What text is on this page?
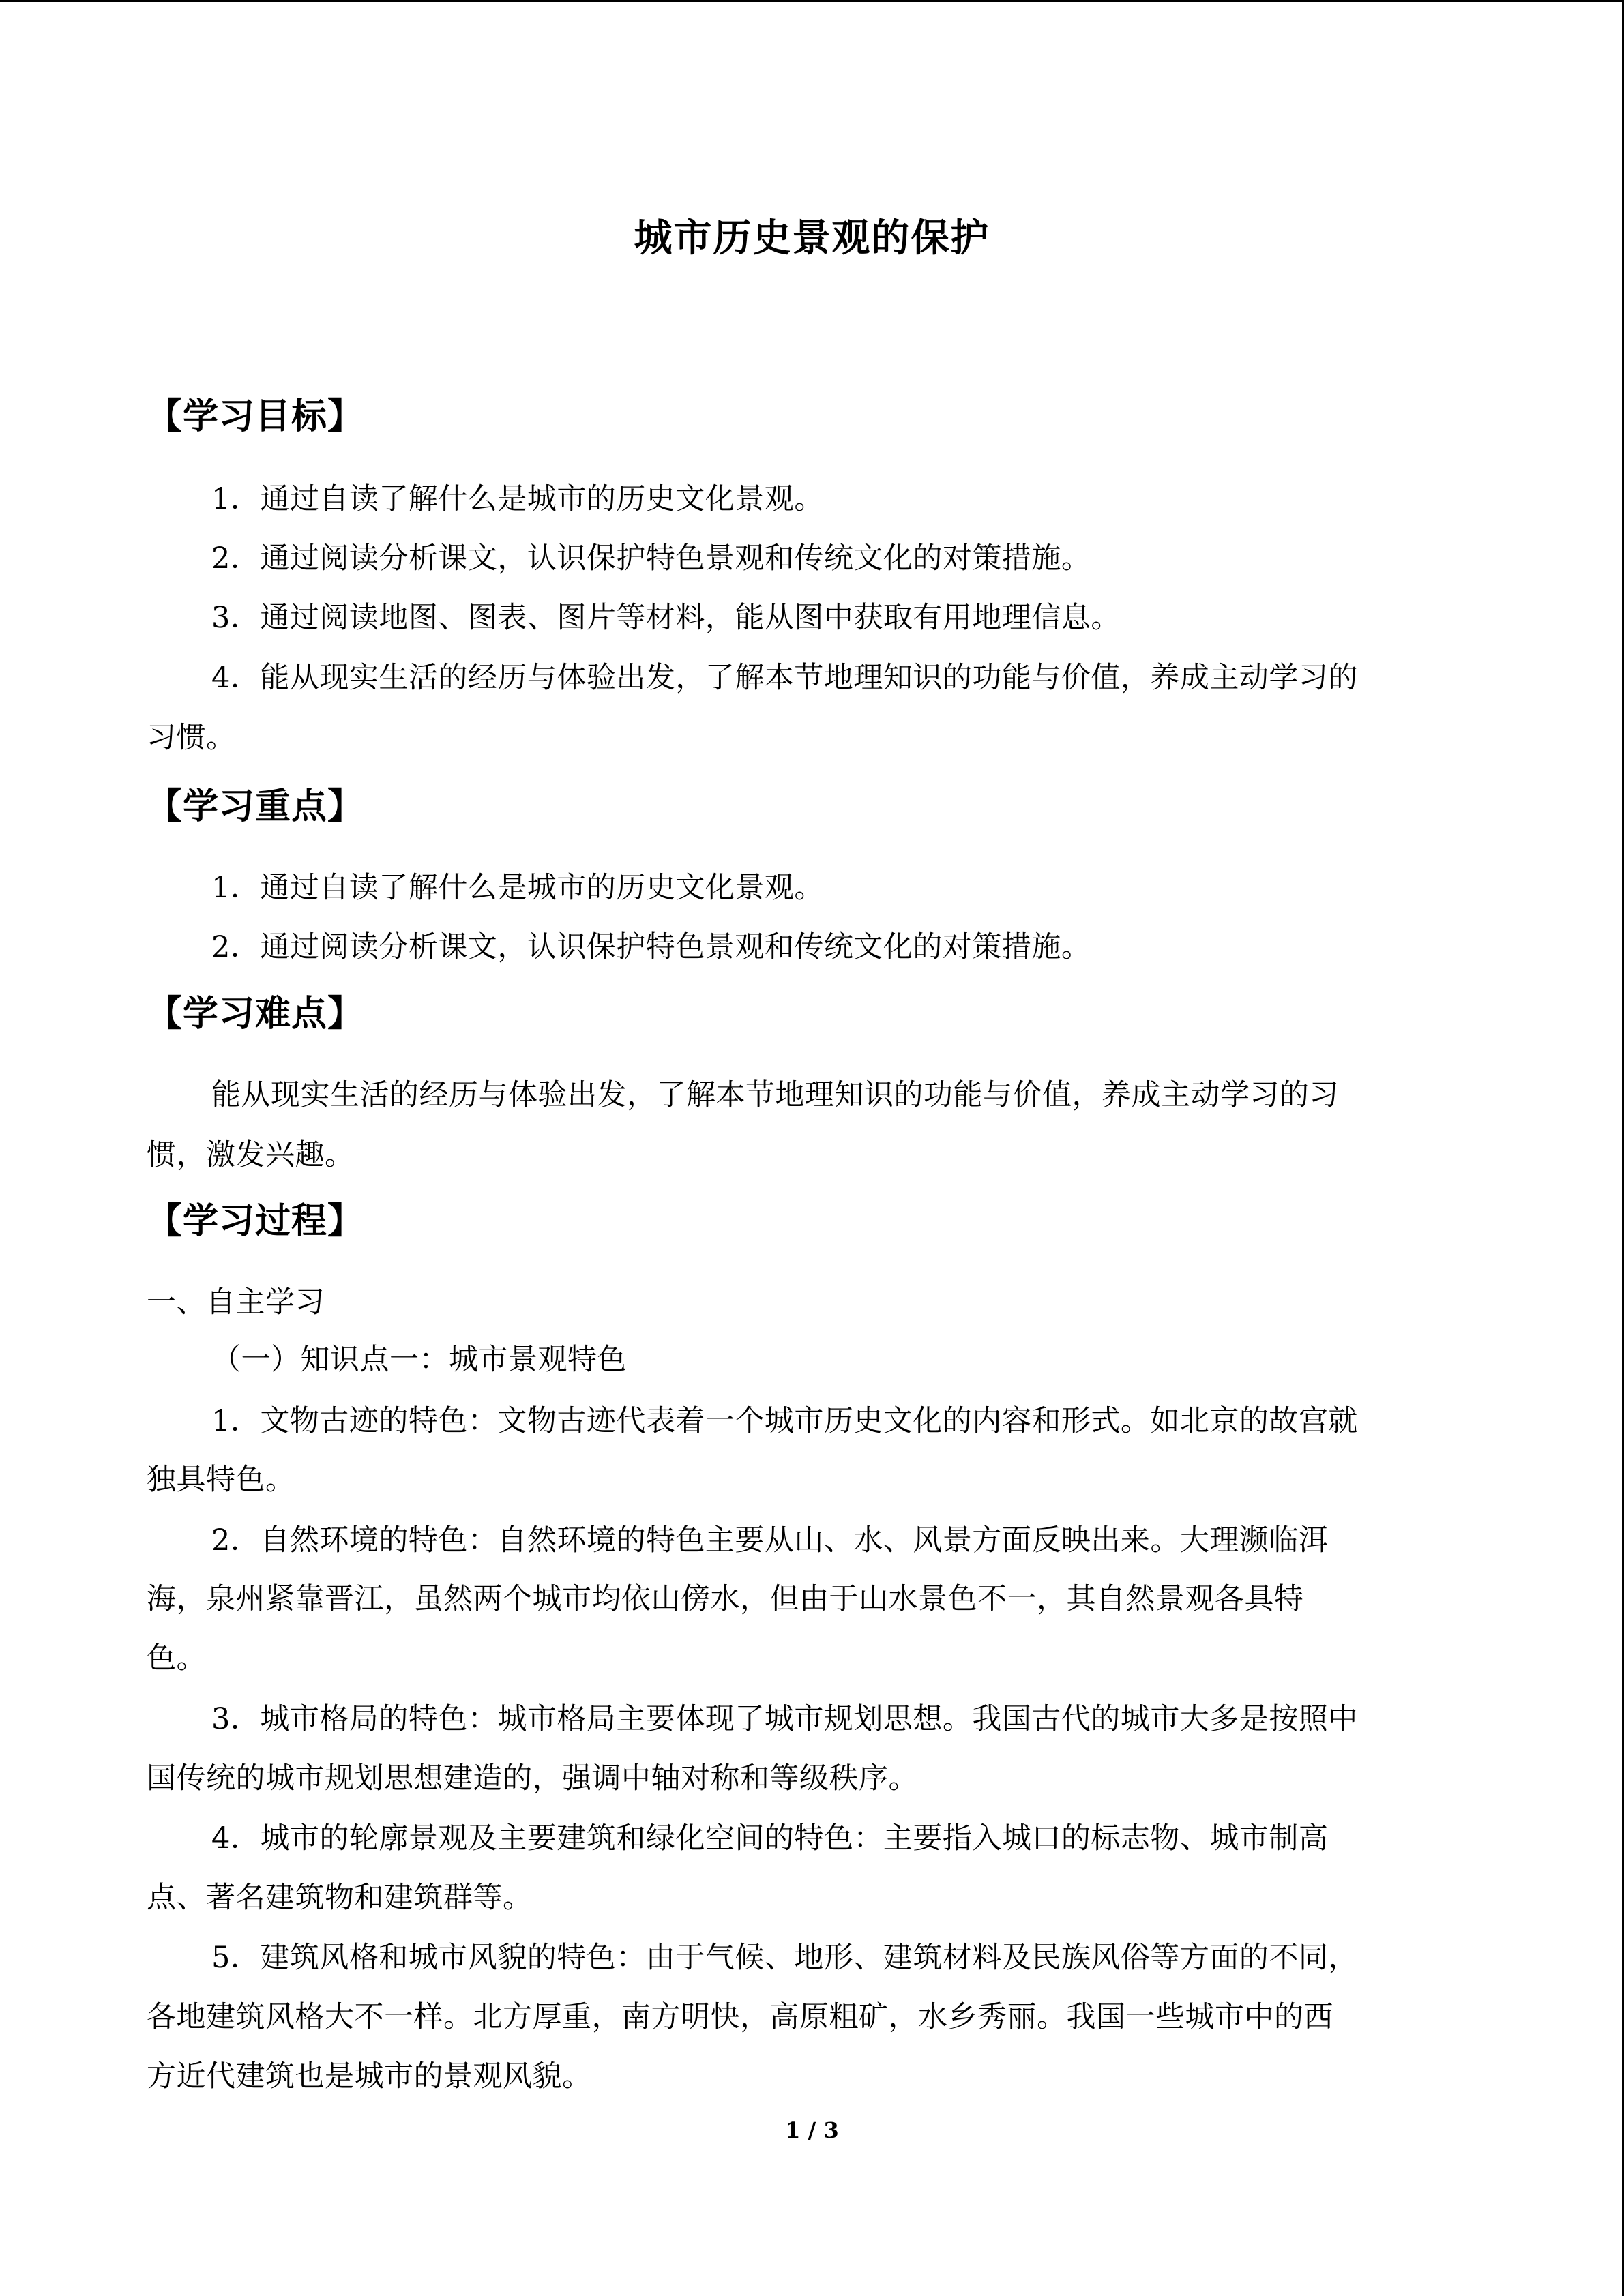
城市历史景观的保护
【学习目标】
1．通过自读了解什么是城市的历史文化景观。
2．通过阅读分析课文，认识保护特色景观和传统文化的对策措施。
3．通过阅读地图、图表、图片等材料，能从图中获取有用地理信息。
4．能从现实生活的经历与体验出发，了解本节地理知识的功能与价值，养成主动学习的
习惯。
【学习重点】
1．通过自读了解什么是城市的历史文化景观。
2．通过阅读分析课文，认识保护特色景观和传统文化的对策措施。
【学习难点】
能从现实生活的经历与体验出发，了解本节地理知识的功能与价值，养成主动学习的习
惯，激发兴趣。
【学习过程】
一、自主学习
（一）知识点一：城市景观特色
1．文物古迹的特色：文物古迹代表着一个城市历史文化的内容和形式。如北京的故宫就
独具特色。
2．自然环境的特色：自然环境的特色主要从山、水、风景方面反映出来。大理濒临洱
海，泉州紧靠晋江，虽然两个城市均依山傍水，但由于山水景色不一，其自然景观各具特
色。
3．城市格局的特色：城市格局主要体现了城市规划思想。我国古代的城市大多是按照中
国传统的城市规划思想建造的，强调中轴对称和等级秩序。
4．城市的轮廓景观及主要建筑和绿化空间的特色：主要指入城口的标志物、城市制高
点、著名建筑物和建筑群等。
5．建筑风格和城市风貌的特色：由于气候、地形、建筑材料及民族风俗等方面的不同，
各地建筑风格大不一样。北方厚重，南方明快，高原粗矿，水乡秀丽。我国一些城市中的西
方近代建筑也是城市的景观风貌。
1 / 3
